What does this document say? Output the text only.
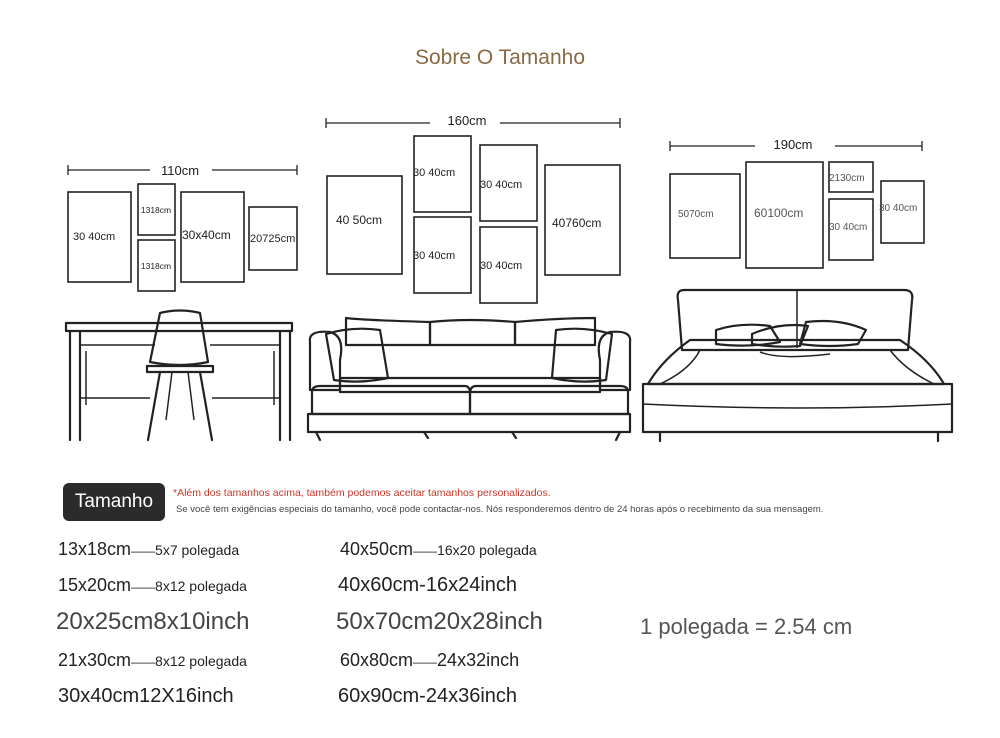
Sobre O Tamanho
110cm
160cm
190cm
30 40cm
1318cm
1318cm
30x40cm 20725cm
40 50cm
30 40cm
30 40cm
30 40cm
30 40cm
40760cm
5070cm	60100cm
2130cm
30 40cm
30 40cm
Tamanho	*Além dos tamanhos acima, também podemos aceitar tamanhos personalizados.
Se você tem exigências especiais do tamanho, você pode contactar-nos. Nós responderemos dentro de 24 horas após o recebimento da sua mensagem.
13x18cm——5x7 polegada
15x20cm——8x12 polegada
20x25cm8x10inch
21x30cm——8x12 polegada
30x40cm12X16inch
40x50cm——16x20 polegada
40x60cm-16x24inch
50x70cm20x28inch
60x80cm——24x32inch
60x90cm-24x36inch
1 polegada = 2.54 cm
